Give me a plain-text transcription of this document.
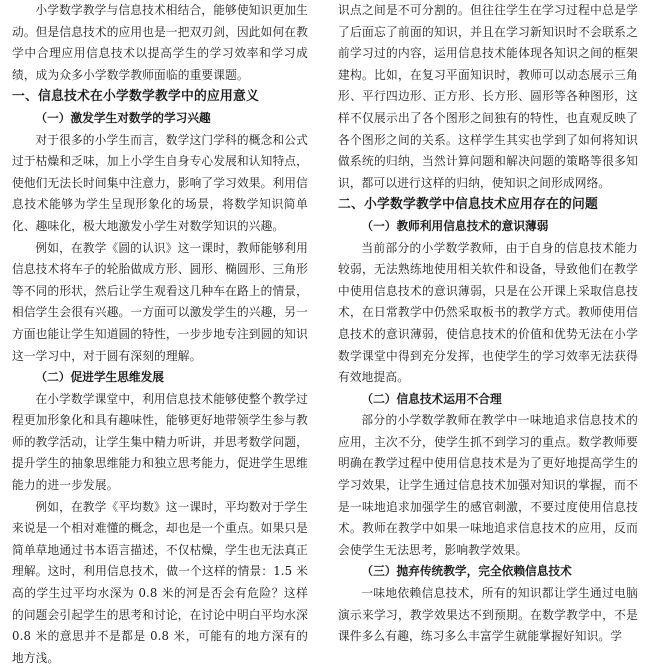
小学数学教学与信息技术相结合，能够使知识更加生动。但是信息技术的应用也是一把双刃剑，因此如何在教学中合理应用信息技术以提高学生的学习效率和学习成绩，成为众多小学数学教师面临的重要课题。

一、信息技术在小学数学教学中的应用意义

（一）激发学生对数学的学习兴趣

对于很多的小学生而言，数学这门学科的概念和公式过于枯燥和乏味，加上小学生自身专心发展和认知特点，使他们无法长时间集中注意力，影响了学习效果。利用信息技术能够为学生呈现形象化的场景，将数学知识简单化、趣味化，极大地激发小学生对数学知识的兴趣。

例如，在教学《圆的认识》这一课时，教师能够利用信息技术将车子的轮胎做成方形、圆形、椭圆形、三角形等不同的形状，然后让学生观看这几种车在路上的情景，相信学生会很有兴趣。一方面可以激发学生的兴趣，另一方面也能让学生知道圆的特性，一步步地专注到圆的知识这一学习中，对于圆有深刻的理解。

（二）促进学生思维发展

在小学数学课堂中，利用信息技术能够使整个教学过程更加形象化和具有趣味性，能够更好地带领学生参与教师的教学活动，让学生集中精力听讲，并思考数学问题，提升学生的抽象思维能力和独立思考能力，促进学生思维能力的进一步发展。

例如，在教学《平均数》这一课时，平均数对于学生来说是一个相对难懂的概念，却也是一个重点。如果只是简单草地通过书本语言描述，不仅枯燥，学生也无法真正理解。这时，利用信息技术，做一个这样的情景：1.5 米高的学生过平均水深为 0.8 米的河是否会有危险？这样的问题会引起学生的思考和讨论，在讨论中明白平均水深 0.8 米的意思并不是都是 0.8 米，可能有的地方深有的地方浅。

识点之间是不可分割的。但往往学生在学习过程中总是学了后面忘了前面的知识，并且在学习新知识时不会联系之前学习过的内容，运用信息技术能体现各知识之间的框架建构。比如，在复习平面知识时，教师可以动态展示三角形、平行四边形、正方形、长方形、圆形等各种图形，这样不仅展示出了各个图形之间独有的特性，也直观反映了各个图形之间的关系。这样学生其实也学到了如何将知识做系统的归纳，当然计算问题和解决问题的策略等很多知识，都可以进行这样的归纳，使知识之间形成网络。

二、小学数学教学中信息技术应用存在的问题

（一）教师利用信息技术的意识薄弱

当前部分的小学数学教师，由于自身的信息技术能力较弱，无法熟练地使用相关软件和设备，导致他们在教学中使用信息技术的意识薄弱，只是在公开课上采取信息技术，在日常教学中仍然采取板书的教学方式。教师使用信息技术的意识薄弱，使信息技术的价值和优势无法在小学数学课堂中得到充分发挥，也使学生的学习效率无法获得有效地提高。

（二）信息技术运用不合理

部分的小学数学教师在教学中一味地追求信息技术的应用，主次不分，使学生抓不到学习的重点。数学教师要明确在教学过程中使用信息技术是为了更好地提高学生的学习效果，让学生通过信息技术加强对知识的掌握，而不是一味地追求加强学生的感官刺激，不要过度使用信息技术。教师在教学中如果一味地追求信息技术的应用，反而会使学生无法思考，影响教学效果。

（三）抛弃传统教学，完全依赖信息技术

一味地依赖信息技术，所有的知识都让学生通过电脑演示来学习，教学效果达不到预期。在数学教学中，不是课件多么有趣，练习多么丰富学生就能掌握好知识。学
